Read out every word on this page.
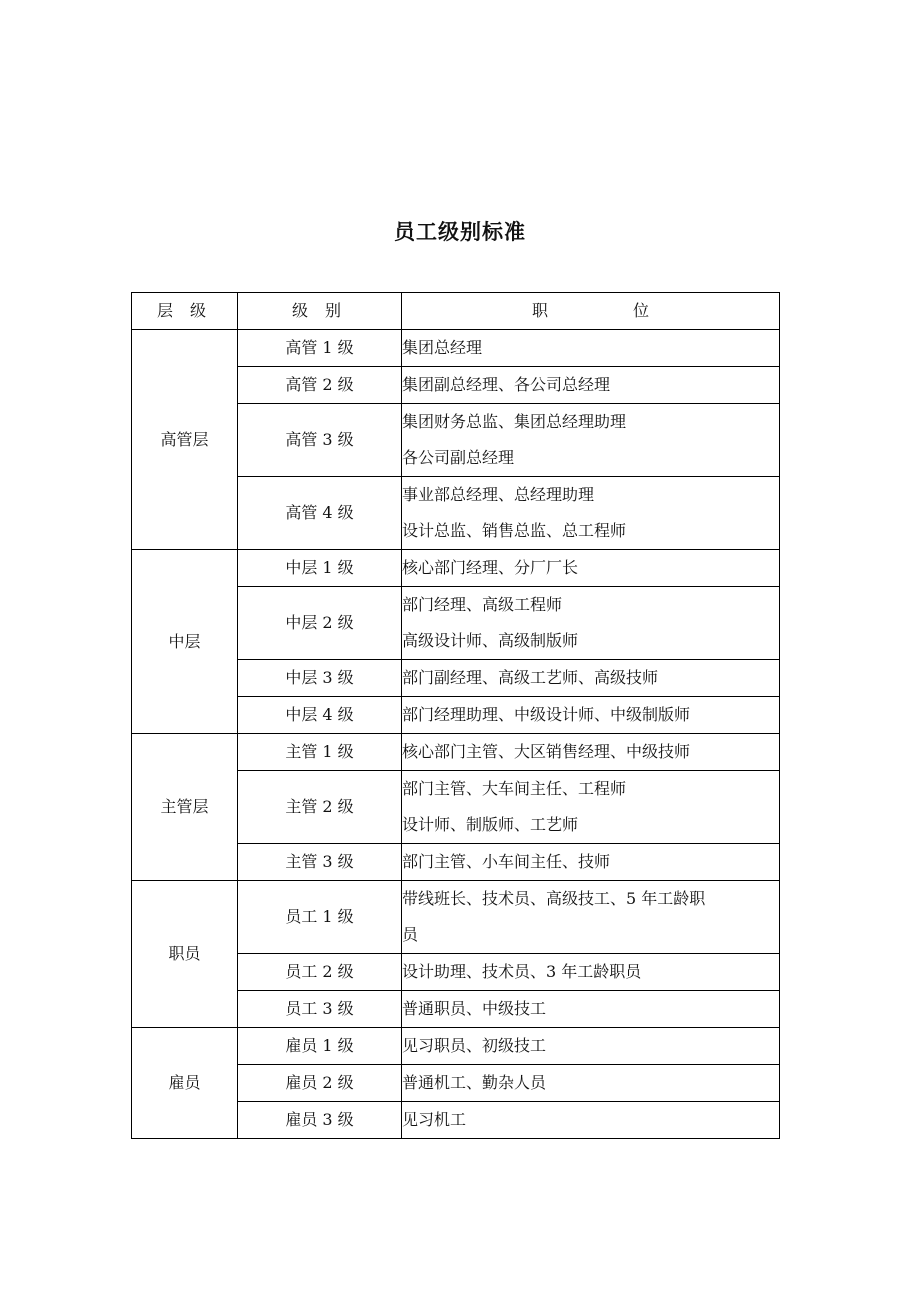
员工级别标准
层 级	级 别	职 位
高管层	高管 1 级	集团总经理

	高管 2 级	集团副总经理、各公司总经理

	高管 3 级	集团财务总监、集团总经理助理
各公司副总经理

	高管 4 级	事业部总经理、总经理助理
设计总监、销售总监、总工程师

中层	中层 1 级	核心部门经理、分厂厂长

	中层 2 级	部门经理、高级工程师
高级设计师、高级制版师

	中层 3 级	部门副经理、高级工艺师、高级技师

	中层 4 级	部门经理助理、中级设计师、中级制版师

主管层	主管 1 级	核心部门主管、大区销售经理、中级技师

	主管 2 级	部门主管、大车间主任、工程师
设计师、制版师、工艺师

	主管 3 级	部门主管、小车间主任、技师

职员	员工 1 级	带线班长、技术员、高级技工、5 年工龄职
员

	员工 2 级	设计助理、技术员、3 年工龄职员

	员工 3 级	普通职员、中级技工

雇员	雇员 1 级	见习职员、初级技工

	雇员 2 级	普通机工、勤杂人员

	雇员 3 级	见习机工
